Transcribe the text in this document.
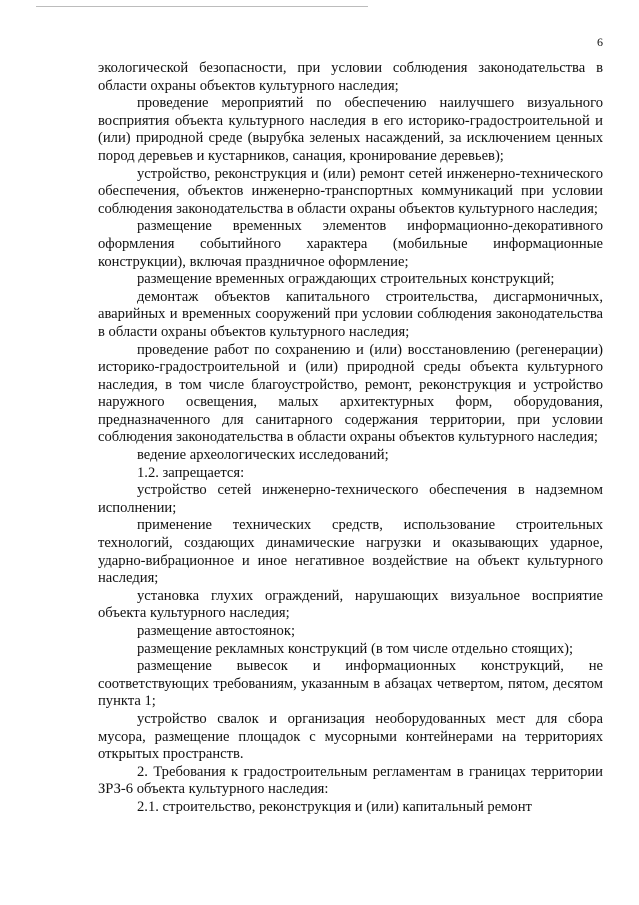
6

экологической безопасности, при условии соблюдения законодательства в области охраны объектов культурного наследия;

проведение мероприятий по обеспечению наилучшего визуального восприятия объекта культурного наследия в его историко-градостроительной и (или) природной среде (вырубка зеленых насаждений, за исключением ценных пород деревьев и кустарников, санация, кронирование деревьев);

устройство, реконструкция и (или) ремонт сетей инженерно-технического обеспечения, объектов инженерно-транспортных коммуникаций при условии соблюдения законодательства в области охраны объектов культурного наследия;

размещение временных элементов информационно-декоративного оформления событийного характера (мобильные информационные конструкции), включая праздничное оформление;

размещение временных ограждающих строительных конструкций;

демонтаж объектов капитального строительства, дисгармоничных, аварийных и временных сооружений при условии соблюдения законодательства в области охраны объектов культурного наследия;

проведение работ по сохранению и (или) восстановлению (регенерации) историко-градостроительной и (или) природной среды объекта культурного наследия, в том числе благоустройство, ремонт, реконструкция и устройство наружного освещения, малых архитектурных форм, оборудования, предназначенного для санитарного содержания территории, при условии соблюдения законодательства в области охраны объектов культурного наследия;

ведение археологических исследований;

1.2. запрещается:

устройство сетей инженерно-технического обеспечения в надземном исполнении;

применение технических средств, использование строительных технологий, создающих динамические нагрузки и оказывающих ударное, ударно-вибрационное и иное негативное воздействие на объект культурного наследия;

установка глухих ограждений, нарушающих визуальное восприятие объекта культурного наследия;

размещение автостоянок;

размещение рекламных конструкций (в том числе отдельно стоящих);

размещение вывесок и информационных конструкций, не соответствующих требованиям, указанным в абзацах четвертом, пятом, десятом пункта 1;

устройство свалок и организация необорудованных мест для сбора мусора, размещение площадок с мусорными контейнерами на территориях открытых пространств.

2. Требования к градостроительным регламентам в границах территории ЗРЗ-6 объекта культурного наследия:

2.1. строительство, реконструкция и (или) капитальный ремонт
